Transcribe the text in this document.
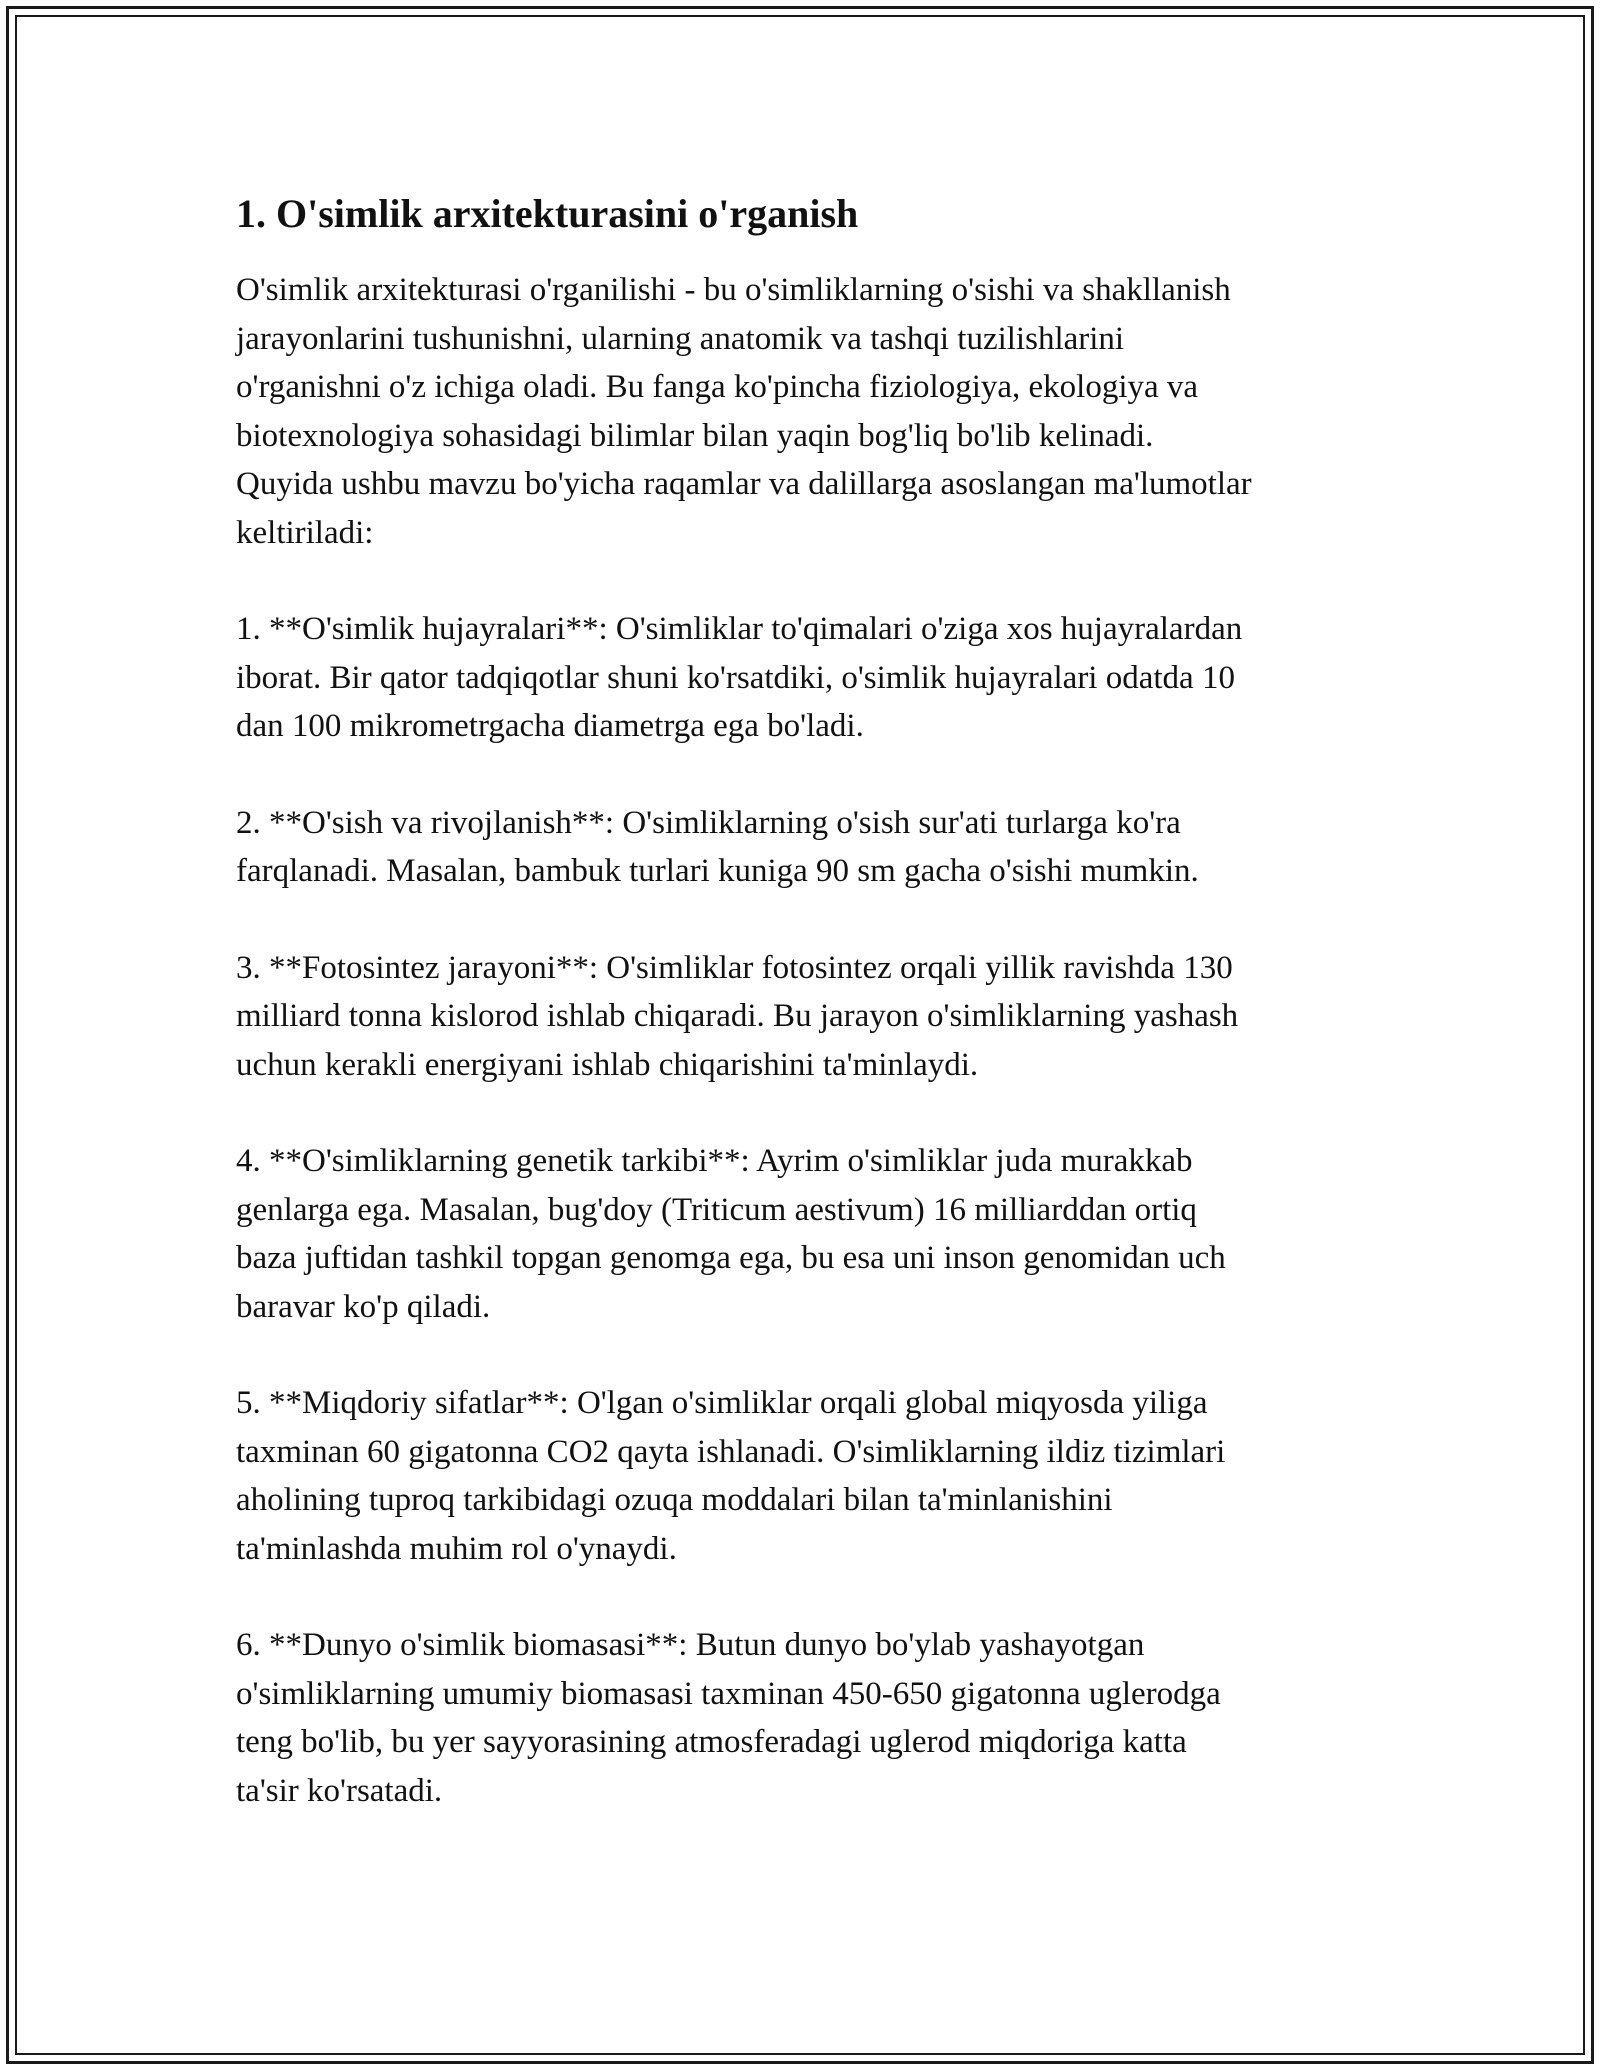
1. O'simlik arxitekturasini o'rganish

O'simlik arxitekturasi o'rganilishi - bu o'simliklarning o'sishi va shakllanish
jarayonlarini tushunishni, ularning anatomik va tashqi tuzilishlarini
o'rganishni o'z ichiga oladi. Bu fanga ko'pincha fiziologiya, ekologiya va
biotexnologiya sohasidagi bilimlar bilan yaqin bog'liq bo'lib kelinadi.
Quyida ushbu mavzu bo'yicha raqamlar va dalillarga asoslangan ma'lumotlar
keltiriladi:

1. **O'simlik hujayralari**: O'simliklar to'qimalari o'ziga xos hujayralardan
iborat. Bir qator tadqiqotlar shuni ko'rsatdiki, o'simlik hujayralari odatda 10
dan 100 mikrometrgacha diametrga ega bo'ladi.

2. **O'sish va rivojlanish**: O'simliklarning o'sish sur'ati turlarga ko'ra
farqlanadi. Masalan, bambuk turlari kuniga 90 sm gacha o'sishi mumkin.

3. **Fotosintez jarayoni**: O'simliklar fotosintez orqali yillik ravishda 130
milliard tonna kislorod ishlab chiqaradi. Bu jarayon o'simliklarning yashash
uchun kerakli energiyani ishlab chiqarishini ta'minlaydi.

4. **O'simliklarning genetik tarkibi**: Ayrim o'simliklar juda murakkab
genlarga ega. Masalan, bug'doy (Triticum aestivum) 16 milliarddan ortiq
baza juftidan tashkil topgan genomga ega, bu esa uni inson genomidan uch
baravar ko'p qiladi.

5. **Miqdoriy sifatlar**: O'lgan o'simliklar orqali global miqyosda yiliga
taxminan 60 gigatonna CO2 qayta ishlanadi. O'simliklarning ildiz tizimlari
aholining tuproq tarkibidagi ozuqa moddalari bilan ta'minlanishini
ta'minlashda muhim rol o'ynaydi.

6. **Dunyo o'simlik biomasasi**: Butun dunyo bo'ylab yashayotgan
o'simliklarning umumiy biomasasi taxminan 450-650 gigatonna uglerodga
teng bo'lib, bu yer sayyorasining atmosferadagi uglerod miqdoriga katta
ta'sir ko'rsatadi.
